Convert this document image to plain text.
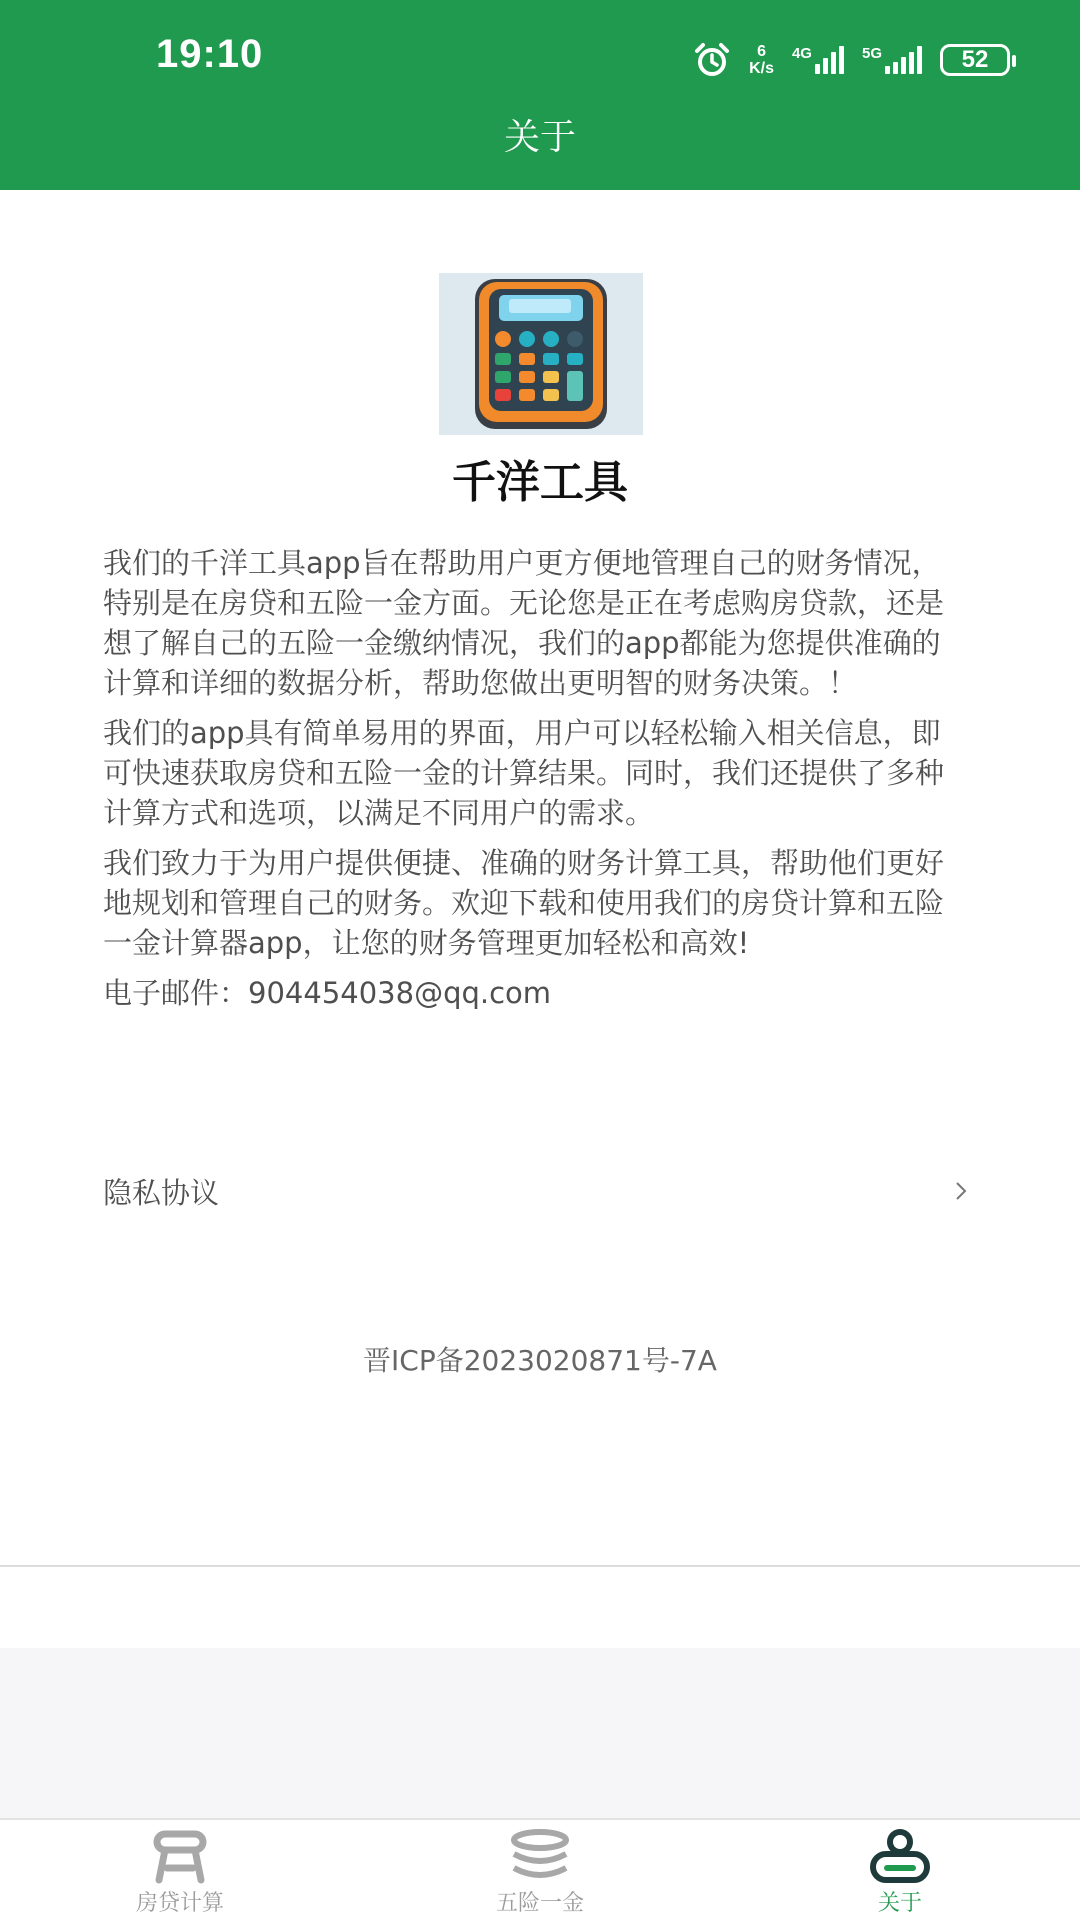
19:10	6
K/s
4G	5G	52
关于
千洋工具

我们的千洋工具app旨在帮助用户更方便地管理自己的财务情况，特别是在房贷和五险一金方面。无论您是正在考虑购房贷款，还是想了解自己的五险一金缴纳情况，我们的app都能为您提供准确的计算和详细的数据分析，帮助您做出更明智的财务决策。！

我们的app具有简单易用的界面，用户可以轻松输入相关信息，即可快速获取房贷和五险一金的计算结果。同时，我们还提供了多种计算方式和选项，以满足不同用户的需求。

我们致力于为用户提供便捷、准确的财务计算工具，帮助他们更好地规划和管理自己的财务。欢迎下载和使用我们的房贷计算和五险一金计算器app，让您的财务管理更加轻松和高效!

电子邮件：904454038@qq.com

隐私协议
晋ICP备2023020871号-7A
房贷计算	五险一金	关于
